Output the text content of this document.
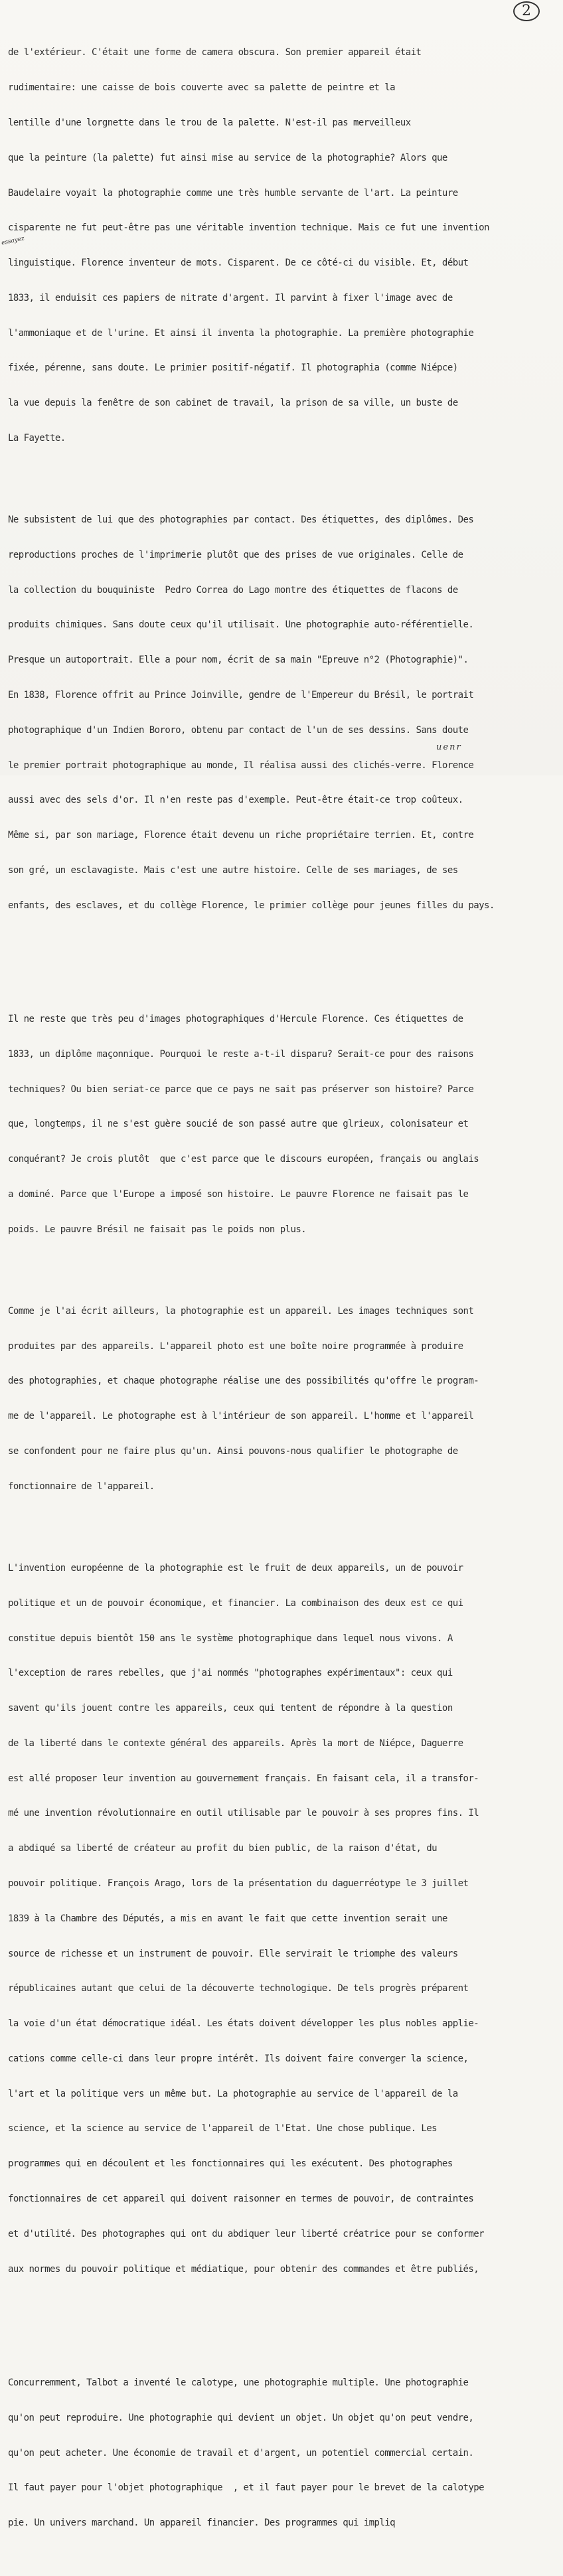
2
essayez

de l'extérieur. C'était une forme de camera obscura. Son premier appareil était

rudimentaire: une caisse de bois couverte avec sa palette de peintre et la

lentille d'une lorgnette dans le trou de la palette. N'est-il pas merveilleux

que la peinture (la palette) fut ainsi mise au service de la photographie? Alors que

Baudelaire voyait la photographie comme une très humble servante de l'art. La peinture

cisparente ne fut peut-être pas une véritable invention technique. Mais ce fut une invention

linguistique. Florence inventeur de mots. Cisparent. De ce côté-ci du visible. Et, début

1833, il enduisit ces papiers de nitrate d'argent. Il parvint à fixer l'image avec de

l'ammoniaque et de l'urine. Et ainsi il inventa la photographie. La première photographie

fixée, pérenne, sans doute. Le primier positif-négatif. Il photographia (comme Niépce)

la vue depuis la fenêtre de son cabinet de travail, la prison de sa ville, un buste de

La Fayette.

Ne subsistent de lui que des photographies par contact. Des étiquettes, des diplômes. Des

reproductions proches de l'imprimerie plutôt que des prises de vue originales. Celle de

la collection du bouquiniste  Pedro Correa do Lago montre des étiquettes de flacons de

produits chimiques. Sans doute ceux qu'il utilisait. Une photographie auto-référentielle.

Presque un autoportrait. Elle a pour nom, écrit de sa main "Epreuve n°2 (Photographie)".

En 1838, Florence offrit au Prince Joinville, gendre de l'Empereur du Brésil, le portrait

photographique d'un Indien Bororo, obtenu par contact de l'un de ses dessins. Sans doute

le premier portrait photographique au monde, Il réalisa aussi des clichés-verre. Florence

aussi avec des sels d'or. Il n'en reste pas d'exemple. Peut-être était-ce trop coûteux.

Même si, par son mariage, Florence était devenu un riche propriétaire terrien. Et, contre

son gré, un esclavagiste. Mais c'est une autre histoire. Celle de ses mariages, de ses

enfants, des esclaves, et du collège Florence, le primier collège pour jeunes filles du pays.

Il ne reste que très peu d'images photographiques d'Hercule Florence. Ces étiquettes de

1833, un diplôme maçonnique. Pourquoi le reste a-t-il disparu? Serait-ce pour des raisons

techniques? Ou bien seriat-ce parce que ce pays ne sait pas préserver son histoire? Parce

que, longtemps, il ne s'est guère soucié de son passé autre que glrieux, colonisateur et

conquérant? Je crois plutôt  que c'est parce que le discours européen, français ou anglais

a dominé. Parce que l'Europe a imposé son histoire. Le pauvre Florence ne faisait pas le

poids. Le pauvre Brésil ne faisait pas le poids non plus.

Comme je l'ai écrit ailleurs, la photographie est un appareil. Les images techniques sont

produites par des appareils. L'appareil photo est une boîte noire programmée à produire

des photographies, et chaque photographe réalise une des possibilités qu'offre le program-

me de l'appareil. Le photographe est à l'intérieur de son appareil. L'homme et l'appareil

se confondent pour ne faire plus qu'un. Ainsi pouvons-nous qualifier le photographe de

fonctionnaire de l'appareil.

L'invention européenne de la photographie est le fruit de deux appareils, un de pouvoir

politique et un de pouvoir économique, et financier. La combinaison des deux est ce qui

constitue depuis bientôt 150 ans le système photographique dans lequel nous vivons. A

l'exception de rares rebelles, que j'ai nommés "photographes expérimentaux": ceux qui

savent qu'ils jouent contre les appareils, ceux qui tentent de répondre à la question

de la liberté dans le contexte général des appareils. Après la mort de Niépce, Daguerre

est allé proposer leur invention au gouvernement français. En faisant cela, il a transfor-

mé une invention révolutionnaire en outil utilisable par le pouvoir à ses propres fins. Il

a abdiqué sa liberté de créateur au profit du bien public, de la raison d'état, du

pouvoir politique. François Arago, lors de la présentation du daguerréotype le 3 juillet

1839 à la Chambre des Députés, a mis en avant le fait que cette invention serait une

source de richesse et un instrument de pouvoir. Elle servirait le triomphe des valeurs

républicaines autant que celui de la découverte technologique. De tels progrès préparent

la voie d'un état démocratique idéal. Les états doivent développer les plus nobles applie-

cations comme celle-ci dans leur propre intérêt. Ils doivent faire converger la science,

l'art et la politique vers un même but. La photographie au service de l'appareil de la

science, et la science au service de l'appareil de l'Etat. Une chose publique. Les

programmes qui en découlent et les fonctionnaires qui les exécutent. Des photographes

fonctionnaires de cet appareil qui doivent raisonner en termes de pouvoir, de contraintes

et d'utilité. Des photographes qui ont du abdiquer leur liberté créatrice pour se conformer

aux normes du pouvoir politique et médiatique, pour obtenir des commandes et être publiés,

Concurremment, Talbot a inventé le calotype, une photographie multiple. Une photographie

qu'on peut reproduire. Une photographie qui devient un objet. Un objet qu'on peut vendre,

qu'on peut acheter. Une économie de travail et d'argent, un potentiel commercial certain.

Il faut payer pour l'objet photographique  , et il faut payer pour le brevet de la calotype

pie. Un univers marchand. Un appareil financier. Des programmes qui impliq

uenr
